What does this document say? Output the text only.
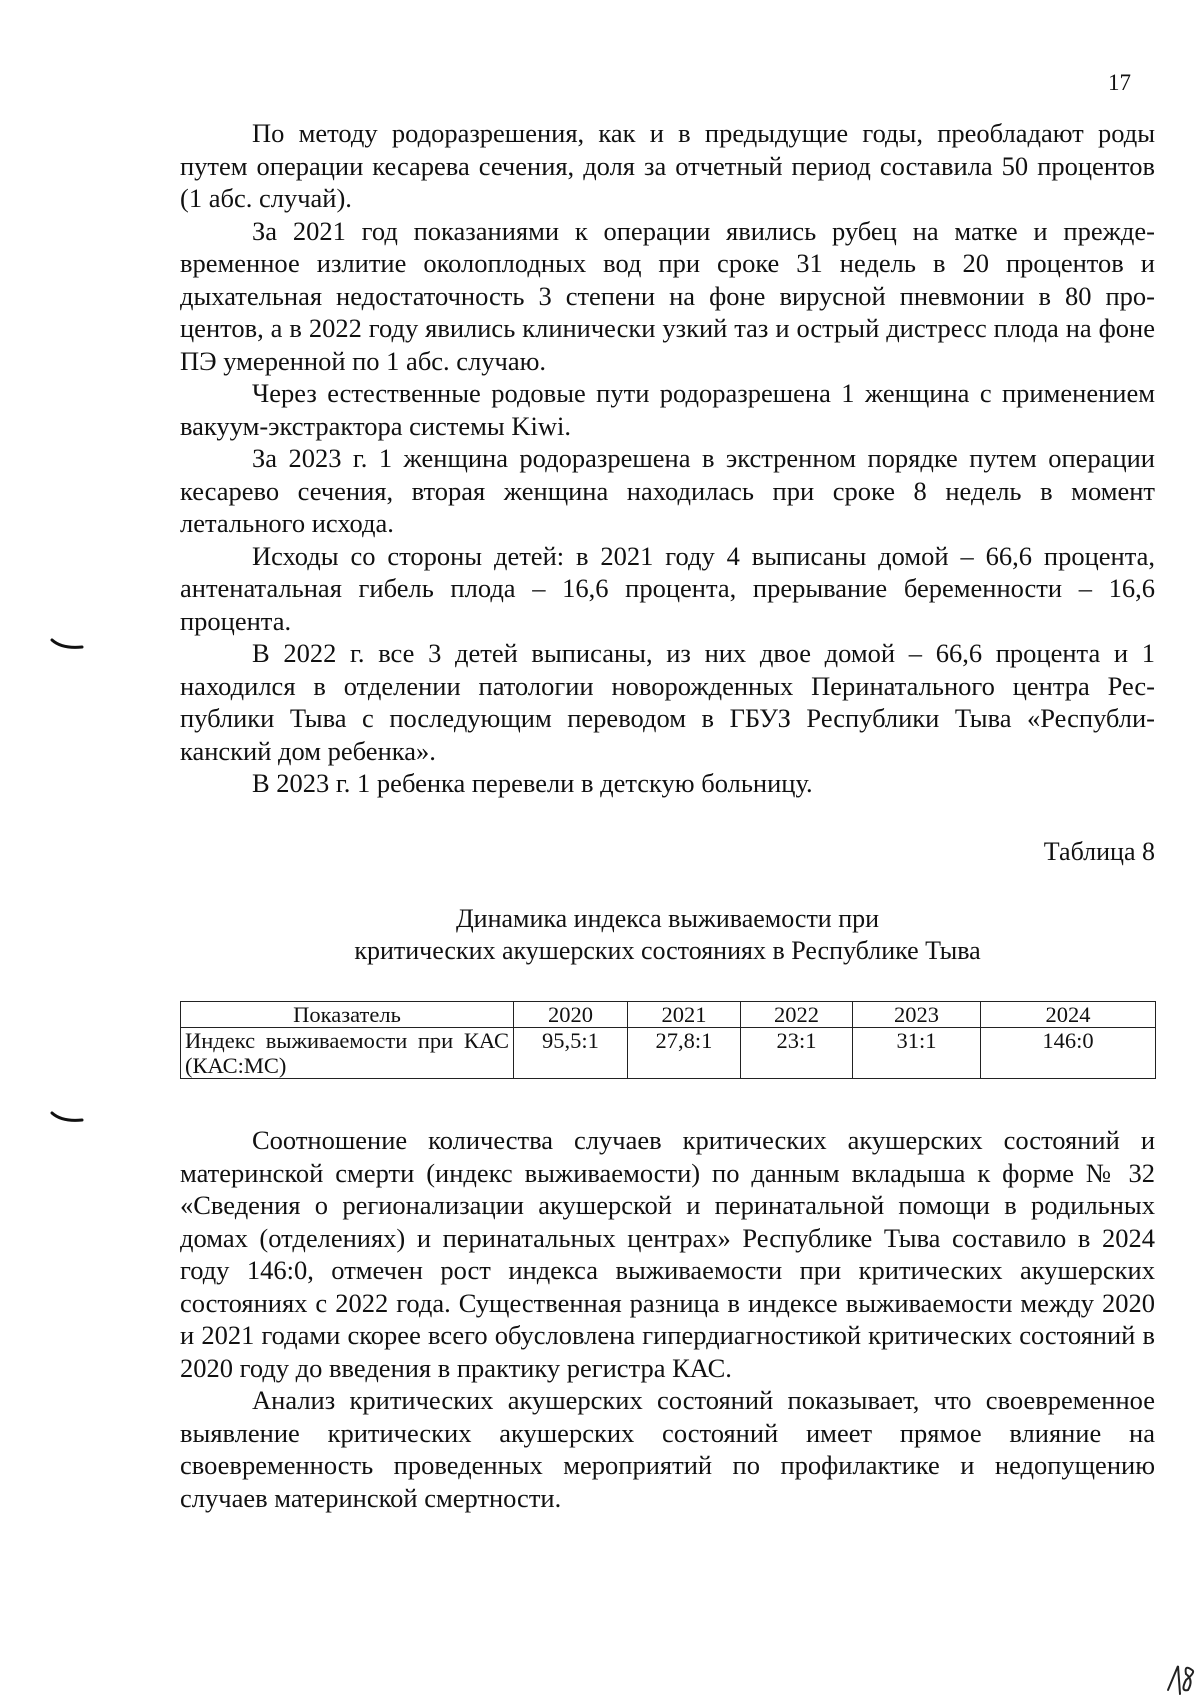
17

По методу родоразрешения, как и в предыдущие годы, преобладают роды путем операции кесарева сечения, доля за отчетный период составила 50 процентов (1 абс. случай).

За 2021 год показаниями к операции явились рубец на матке и преждевременное излитие околоплодных вод при сроке 31 недель в 20 процентов и дыхательная недостаточность 3 степени на фоне вирусной пневмонии в 80 процентов, а в 2022 году явились клинически узкий таз и острый дистресс плода на фоне ПЭ умеренной по 1 абс. случаю.

Через естественные родовые пути родоразрешена 1 женщина с применением вакуум-экстрактора системы Kiwi.

За 2023 г. 1 женщина родоразрешена в экстренном порядке путем операции кесарево сечения, вторая женщина находилась при сроке 8 недель в момент летального исхода.

Исходы со стороны детей: в 2021 году 4 выписаны домой – 66,6 процента, антенатальная гибель плода – 16,6 процента, прерывание беременности – 16,6 процента.

В 2022 г. все 3 детей выписаны, из них двое домой – 66,6 процента и 1 находился в отделении патологии новорожденных Перинатального центра Республики Тыва с последующим переводом в ГБУЗ Республики Тыва «Республиканский дом ребенка».

В 2023 г. 1 ребенка перевели в детскую больницу.

Таблица 8
Динамика индекса выживаемости при
критических акушерских состояниях в Республике Тыва
Показатель	2020	2021	2022	2023	2024
Индекс выживаемости при КАС (КАС:МС)	95,5:1	27,8:1	23:1	31:1	146:0

Соотношение количества случаев критических акушерских состояний и материнской смерти (индекс выживаемости) по данным вкладыша к форме № 32 «Сведения о регионализации акушерской и перинатальной помощи в родильных домах (отделениях) и перинатальных центрах» Республике Тыва составило в 2024 году 146:0, отмечен рост индекса выживаемости при критических акушерских состояниях с 2022 года. Существенная разница в индексе выживаемости между 2020 и 2021 годами скорее всего обусловлена гипердиагностикой критических состояний в 2020 году до введения в практику регистра КАС.

Анализ критических акушерских состояний показывает, что своевременное выявление критических акушерских состояний имеет прямое влияние на своевременность проведенных мероприятий по профилактике и недопущению случаев материнской смертности.
